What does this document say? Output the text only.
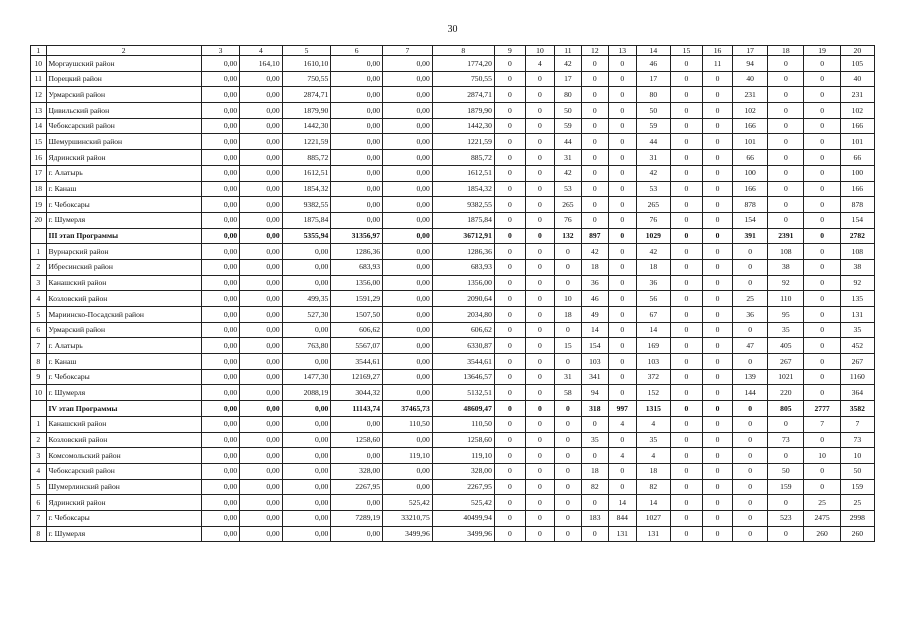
30
1	2	3	4	5	6	7	8	9	10	11	12	13	14	15	16	17	18	19	20
10	Моргаушский район	0,00	164,10	1610,10	0,00	0,00	1774,20	0	4	42	0	0	46	0	11	94	0	0	105
11	Порецкий район	0,00	0,00	750,55	0,00	0,00	750,55	0	0	17	0	0	17	0	0	40	0	0	40
12	Урмарский район	0,00	0,00	2874,71	0,00	0,00	2874,71	0	0	80	0	0	80	0	0	231	0	0	231
13	Цивильский район	0,00	0,00	1879,90	0,00	0,00	1879,90	0	0	50	0	0	50	0	0	102	0	0	102
14	Чебоксарский район	0,00	0,00	1442,30	0,00	0,00	1442,30	0	0	59	0	0	59	0	0	166	0	0	166
15	Шемуршинский район	0,00	0,00	1221,59	0,00	0,00	1221,59	0	0	44	0	0	44	0	0	101	0	0	101
16	Ядринский район	0,00	0,00	885,72	0,00	0,00	885,72	0	0	31	0	0	31	0	0	66	0	0	66
17	г. Алатырь	0,00	0,00	1612,51	0,00	0,00	1612,51	0	0	42	0	0	42	0	0	100	0	0	100
18	г. Канаш	0,00	0,00	1854,32	0,00	0,00	1854,32	0	0	53	0	0	53	0	0	166	0	0	166
19	г. Чебоксары	0,00	0,00	9382,55	0,00	0,00	9382,55	0	0	265	0	0	265	0	0	878	0	0	878
20	г. Шумерля	0,00	0,00	1875,84	0,00	0,00	1875,84	0	0	76	0	0	76	0	0	154	0	0	154
	III этап Программы	0,00	0,00	5355,94	31356,97	0,00	36712,91	0	0	132	897	0	1029	0	0	391	2391	0	2782
1	Вурнарский район	0,00	0,00	0,00	1286,36	0,00	1286,36	0	0	0	42	0	42	0	0	0	108	0	108
2	Ибресинский район	0,00	0,00	0,00	683,93	0,00	683,93	0	0	0	18	0	18	0	0	0	38	0	38
3	Канашский район	0,00	0,00	0,00	1356,00	0,00	1356,00	0	0	0	36	0	36	0	0	0	92	0	92
4	Козловский район	0,00	0,00	499,35	1591,29	0,00	2090,64	0	0	10	46	0	56	0	0	25	110	0	135
5	Мариинско-Посадский район	0,00	0,00	527,30	1507,50	0,00	2034,80	0	0	18	49	0	67	0	0	36	95	0	131
6	Урмарский район	0,00	0,00	0,00	606,62	0,00	606,62	0	0	0	14	0	14	0	0	0	35	0	35
7	г. Алатырь	0,00	0,00	763,80	5567,07	0,00	6330,87	0	0	15	154	0	169	0	0	47	405	0	452
8	г. Канаш	0,00	0,00	0,00	3544,61	0,00	3544,61	0	0	0	103	0	103	0	0	0	267	0	267
9	г. Чебоксары	0,00	0,00	1477,30	12169,27	0,00	13646,57	0	0	31	341	0	372	0	0	139	1021	0	1160
10	г. Шумерля	0,00	0,00	2088,19	3044,32	0,00	5132,51	0	0	58	94	0	152	0	0	144	220	0	364
	IV этап Программы	0,00	0,00	0,00	11143,74	37465,73	48609,47	0	0	0	318	997	1315	0	0	0	805	2777	3582
1	Канашский район	0,00	0,00	0,00	0,00	110,50	110,50	0	0	0	0	4	4	0	0	0	0	7	7
2	Козловский район	0,00	0,00	0,00	1258,60	0,00	1258,60	0	0	0	35	0	35	0	0	0	73	0	73
3	Комсомольский район	0,00	0,00	0,00	0,00	119,10	119,10	0	0	0	0	4	4	0	0	0	0	10	10
4	Чебоксарский район	0,00	0,00	0,00	328,00	0,00	328,00	0	0	0	18	0	18	0	0	0	50	0	50
5	Шумерлинский район	0,00	0,00	0,00	2267,95	0,00	2267,95	0	0	0	82	0	82	0	0	0	159	0	159
6	Ядринский район	0,00	0,00	0,00	0,00	525,42	525,42	0	0	0	0	14	14	0	0	0	0	25	25
7	г. Чебоксары	0,00	0,00	0,00	7289,19	33210,75	40499,94	0	0	0	183	844	1027	0	0	0	523	2475	2998
8	г. Шумерля	0,00	0,00	0,00	0,00	3499,96	3499,96	0	0	0	0	131	131	0	0	0	0	260	260
